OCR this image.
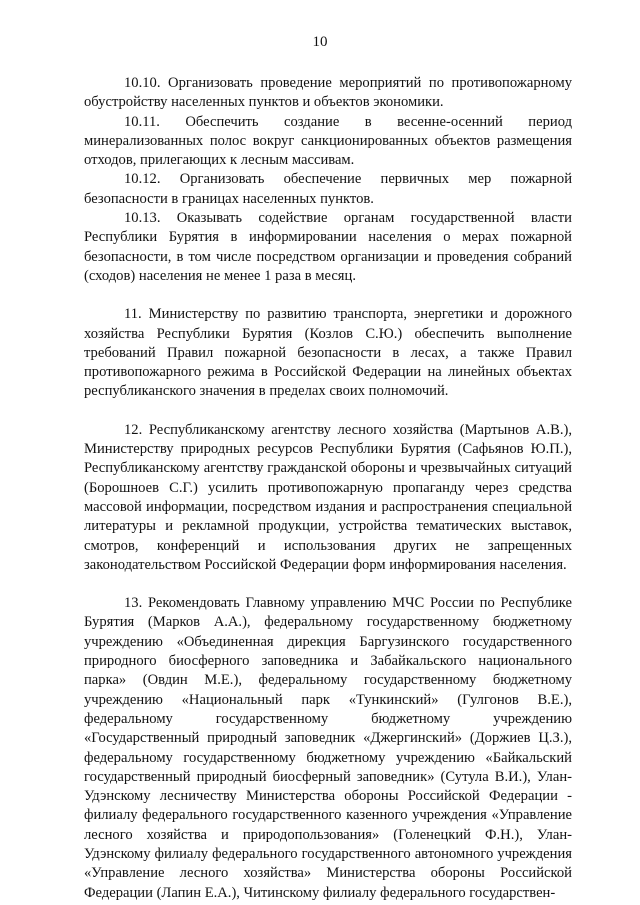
10

10.10. Организовать проведение мероприятий по противопожарному обустройству населенных пунктов и объектов экономики.

10.11. Обеспечить создание в весенне-осенний период минерализованных полос вокруг санкционированных объектов размещения отходов, прилегающих к лесным массивам.

10.12. Организовать обеспечение первичных мер пожарной безопасности в границах населенных пунктов.

10.13. Оказывать содействие органам государственной власти Республики Бурятия в информировании населения о мерах пожарной безопасности, в том числе посредством организации и проведения собраний (сходов) населения не менее 1 раза в месяц.

11. Министерству по развитию транспорта, энергетики и дорожного хозяйства Республики Бурятия (Козлов С.Ю.) обеспечить выполнение требований Правил пожарной безопасности в лесах, а также Правил противопожарного режима в Российской Федерации на линейных объектах республиканского значения в пределах своих полномочий.

12. Республиканскому агентству лесного хозяйства (Мартынов А.В.), Министерству природных ресурсов Республики Бурятия (Сафьянов Ю.П.), Республиканскому агентству гражданской обороны и чрезвычайных ситуаций (Борошноев С.Г.) усилить противопожарную пропаганду через средства массовой информации, посредством издания и распространения специальной литературы и рекламной продукции, устройства тематических выставок, смотров, конференций и использования других не запрещенных законодательством Российской Федерации форм информирования населения.

13. Рекомендовать Главному управлению МЧС России по Республике Бурятия (Марков А.А.), федеральному государственному бюджетному учреждению «Объединенная дирекция Баргузинского государственного природного биосферного заповедника и Забайкальского национального парка» (Овдин М.Е.), федеральному государственному бюджетному учреждению «Национальный парк «Тункинский» (Гулгонов В.Е.), федеральному государственному бюджетному учреждению «Государственный природный заповедник «Джергинский» (Доржиев Ц.З.), федеральному государственному бюджетному учреждению «Байкальский государственный природный биосферный заповедник» (Сутула В.И.), Улан-Удэнскому лесничеству Министерства обороны Российской Федерации - филиалу федерального государственного казенного учреждения «Управление лесного хозяйства и природопользования» (Голенецкий Ф.Н.), Улан-Удэнскому филиалу федерального государственного автономного учреждения «Управление лесного хозяйства» Министерства обороны Российской Федерации (Лапин Е.А.), Читинскому филиалу федерального государствен-
